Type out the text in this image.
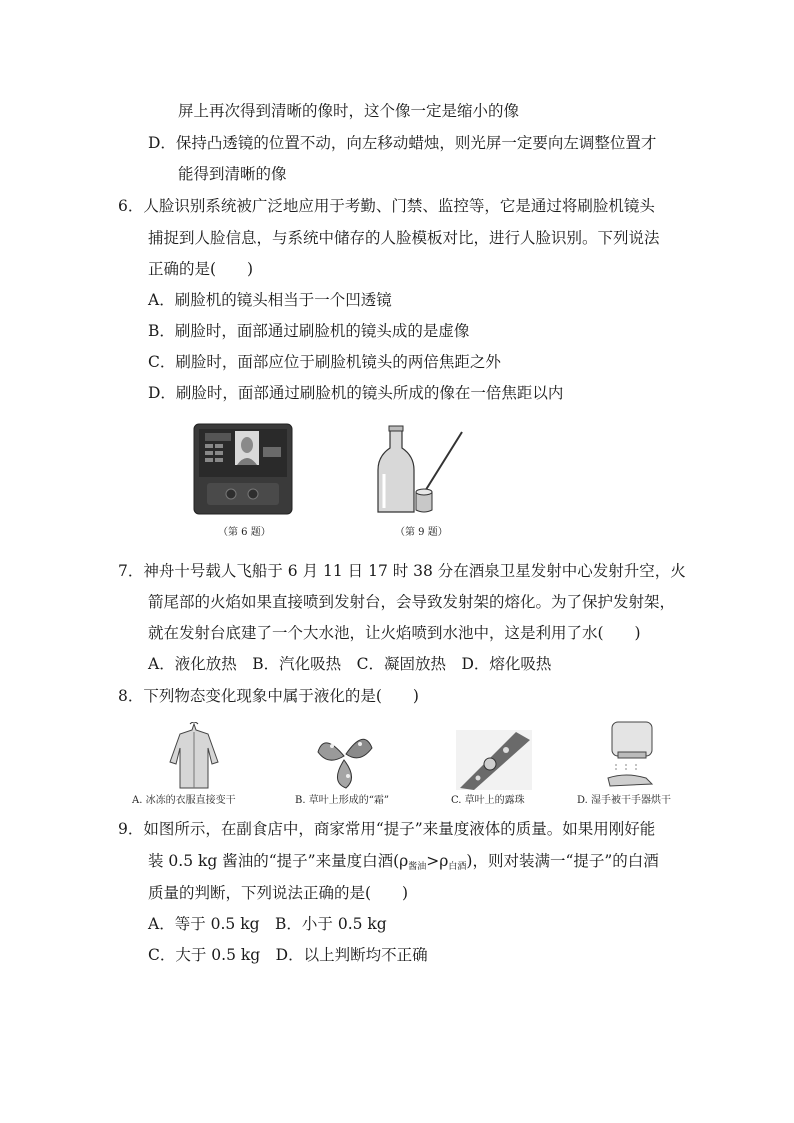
屏上再次得到清晰的像时，这个像一定是缩小的像
D．保持凸透镜的位置不动，向左移动蜡烛，则光屏一定要向左调整位置才
能得到清晰的像
6．人脸识别系统被广泛地应用于考勤、门禁、监控等，它是通过将刷脸机镜头
捕捉到人脸信息，与系统中储存的人脸模板对比，进行人脸识别。下列说法
正确的是(　　)
A．刷脸机的镜头相当于一个凹透镜
B．刷脸时，面部通过刷脸机的镜头成的是虚像
C．刷脸时，面部应位于刷脸机镜头的两倍焦距之外
D．刷脸时，面部通过刷脸机的镜头所成的像在一倍焦距以内
（第 6 题）	（第 9 题）
7．神舟十号载人飞船于 6 月 11 日 17 时 38 分在酒泉卫星发射中心发射升空，火
箭尾部的火焰如果直接喷到发射台，会导致发射架的熔化。为了保护发射架，
就在发射台底建了一个大水池，让火焰喷到水池中，这是利用了水(　　)
A．液化放热　B．汽化吸热　C．凝固放热　D．熔化吸热
8．下列物态变化现象中属于液化的是(　　)
A. 冰冻的衣服直接变干	B. 草叶上形成的“霜”	C. 草叶上的露珠	D. 湿手被干手器烘干
9．如图所示，在副食店中，商家常用“提子”来量度液体的质量。如果用刚好能
装 0.5 kg 酱油的“提子”来量度白酒$(\rho_{酱油}>\rho_{白酒})$，则对装满一“提子”的白酒
质量的判断，下列说法正确的是(　　)
A．等于 0.5 kg　B．小于 0.5 kg
C．大于 0.5 kg　D．以上判断均不正确
